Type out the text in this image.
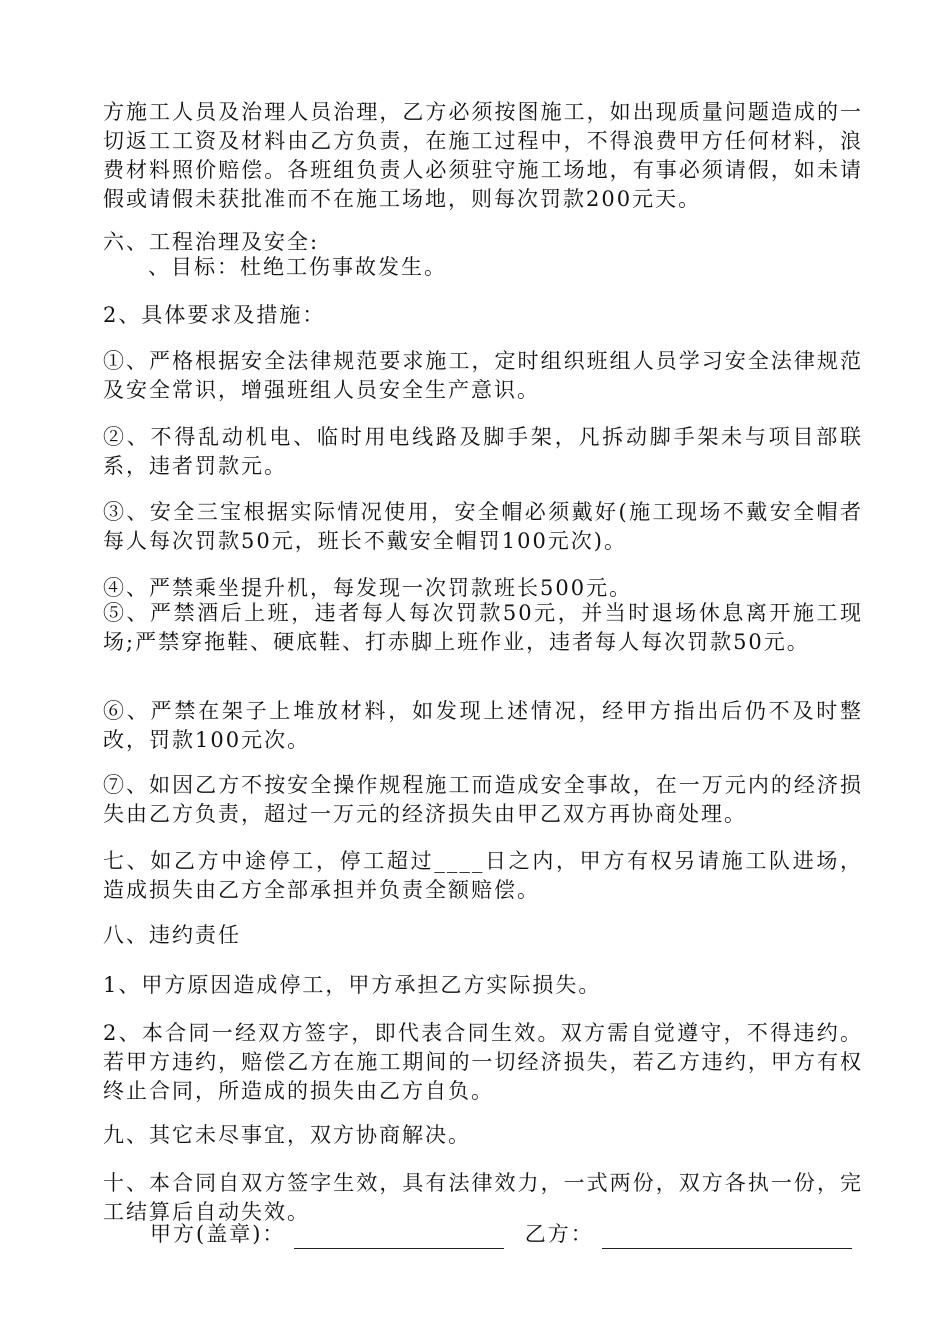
方施工人员及治理人员治理，乙方必须按图施工，如出现质量问题造成的一切返工工资及材料由乙方负责，在施工过程中，不得浪费甲方任何材料，浪费材料照价赔偿。各班组负责人必须驻守施工场地，有事必须请假，如未请假或请假未获批准而不在施工场地，则每次罚款200元天。

六、工程治理及安全:

、目标：杜绝工伤事故发生。

2、具体要求及措施：

①、严格根据安全法律规范要求施工，定时组织班组人员学习安全法律规范及安全常识，增强班组人员安全生产意识。

②、不得乱动机电、临时用电线路及脚手架，凡拆动脚手架未与项目部联系，违者罚款元。

③、安全三宝根据实际情况使用，安全帽必须戴好(施工现场不戴安全帽者每人每次罚款50元，班长不戴安全帽罚100元次)。

④、严禁乘坐提升机，每发现一次罚款班长500元。

⑤、严禁酒后上班，违者每人每次罚款50元，并当时退场休息离开施工现场;严禁穿拖鞋、硬底鞋、打赤脚上班作业，违者每人每次罚款50元。

⑥、严禁在架子上堆放材料，如发现上述情况，经甲方指出后仍不及时整改，罚款100元次。

⑦、如因乙方不按安全操作规程施工而造成安全事故，在一万元内的经济损失由乙方负责，超过一万元的经济损失由甲乙双方再协商处理。

七、如乙方中途停工，停工超过____日之内，甲方有权另请施工队进场，造成损失由乙方全部承担并负责全额赔偿。

八、违约责任

1、甲方原因造成停工，甲方承担乙方实际损失。

2、本合同一经双方签字，即代表合同生效。双方需自觉遵守，不得违约。若甲方违约，赔偿乙方在施工期间的一切经济损失，若乙方违约，甲方有权终止合同，所造成的损失由乙方自负。

九、其它未尽事宜，双方协商解决。

十、本合同自双方签字生效，具有法律效力，一式两份，双方各执一份，完工结算后自动失效。

甲方(盖章)：	乙方：
